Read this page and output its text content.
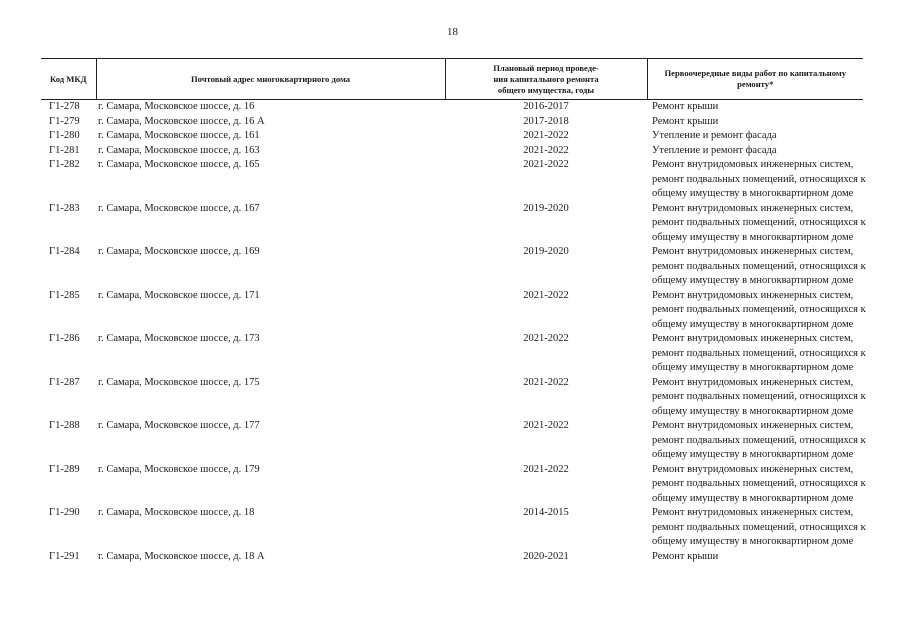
18
Код МКД	Почтовый адрес многоквартирного дома	Плановый период проведе-
ния капитального ремонта
общего имущества, годы	Первоочередные виды работ по капитальному
ремонту*

Г1-278	г. Самара, Московское шоссе, д. 16	2016-2017	Ремонт крыши

Г1-279	г. Самара, Московское шоссе, д. 16 А	2017-2018	Ремонт крыши

Г1-280	г. Самара, Московское шоссе, д. 161	2021-2022	Утепление и ремонт фасада

Г1-281	г. Самара, Московское шоссе, д. 163	2021-2022	Утепление и ремонт фасада

Г1-282	г. Самара, Московское шоссе, д. 165	2021-2022	Ремонт внутридомовых инженерных систем,
ремонт подвальных помещений, относящихся к
общему имуществу в многоквартирном доме

Г1-283	г. Самара, Московское шоссе, д. 167	2019-2020	Ремонт внутридомовых инженерных систем,
ремонт подвальных помещений, относящихся к
общему имуществу в многоквартирном доме

Г1-284	г. Самара, Московское шоссе, д. 169	2019-2020	Ремонт внутридомовых инженерных систем,
ремонт подвальных помещений, относящихся к
общему имуществу в многоквартирном доме

Г1-285	г. Самара, Московское шоссе, д. 171	2021-2022	Ремонт внутридомовых инженерных систем,
ремонт подвальных помещений, относящихся к
общему имуществу в многоквартирном доме

Г1-286	г. Самара, Московское шоссе, д. 173	2021-2022	Ремонт внутридомовых инженерных систем,
ремонт подвальных помещений, относящихся к
общему имуществу в многоквартирном доме

Г1-287	г. Самара, Московское шоссе, д. 175	2021-2022	Ремонт внутридомовых инженерных систем,
ремонт подвальных помещений, относящихся к
общему имуществу в многоквартирном доме

Г1-288	г. Самара, Московское шоссе, д. 177	2021-2022	Ремонт внутридомовых инженерных систем,
ремонт подвальных помещений, относящихся к
общему имуществу в многоквартирном доме

Г1-289	г. Самара, Московское шоссе, д. 179	2021-2022	Ремонт внутридомовых инженерных систем,
ремонт подвальных помещений, относящихся к
общему имуществу в многоквартирном доме

Г1-290	г. Самара, Московское шоссе, д. 18	2014-2015	Ремонт внутридомовых инженерных систем,
ремонт подвальных помещений, относящихся к
общему имуществу в многоквартирном доме

Г1-291	г. Самара, Московское шоссе, д. 18 А	2020-2021	Ремонт крыши
